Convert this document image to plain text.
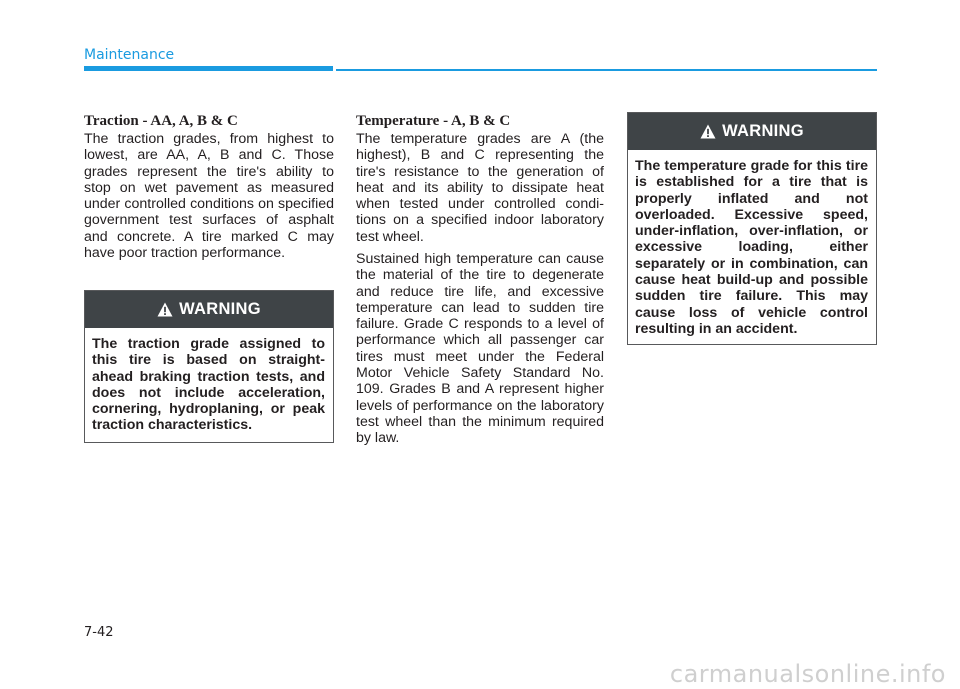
Maintenance
Traction - AA, A, B & C

The traction grades, from highest to lowest, are AA, A, B and C. Those grades represent the tire's ability to stop on wet pavement as measured under controlled conditions on specified government test surfaces of asphalt and concrete. A tire marked C may have poor traction performance.

WARNING

The traction grade assigned to this tire is based on straight-ahead braking traction tests, and does not include acceleration, cornering, hydroplaning, or peak traction characteristics.

Temperature - A, B & C

The temperature grades are A (the highest), B and C representing the tire's resistance to the generation of heat and its ability to dissipate heat when tested under controlled conditions on a specified indoor laboratory test wheel.

Sustained high temperature can cause the material of the tire to degenerate and reduce tire life, and excessive temperature can lead to sudden tire failure. Grade C responds to a level of performance which all passenger car tires must meet under the Federal Motor Vehicle Safety Standard No. 109. Grades B and A represent higher levels of performance on the laboratory test wheel than the minimum required by law.

WARNING

The temperature grade for this tire is established for a tire that is properly inflated and not overloaded. Excessive speed, under-inflation, over-inflation, or excessive loading, either separately or in combination, can cause heat build-up and possible sudden tire failure. This may cause loss of vehicle control resulting in an accident.

7-42
carmanualsonline.info
